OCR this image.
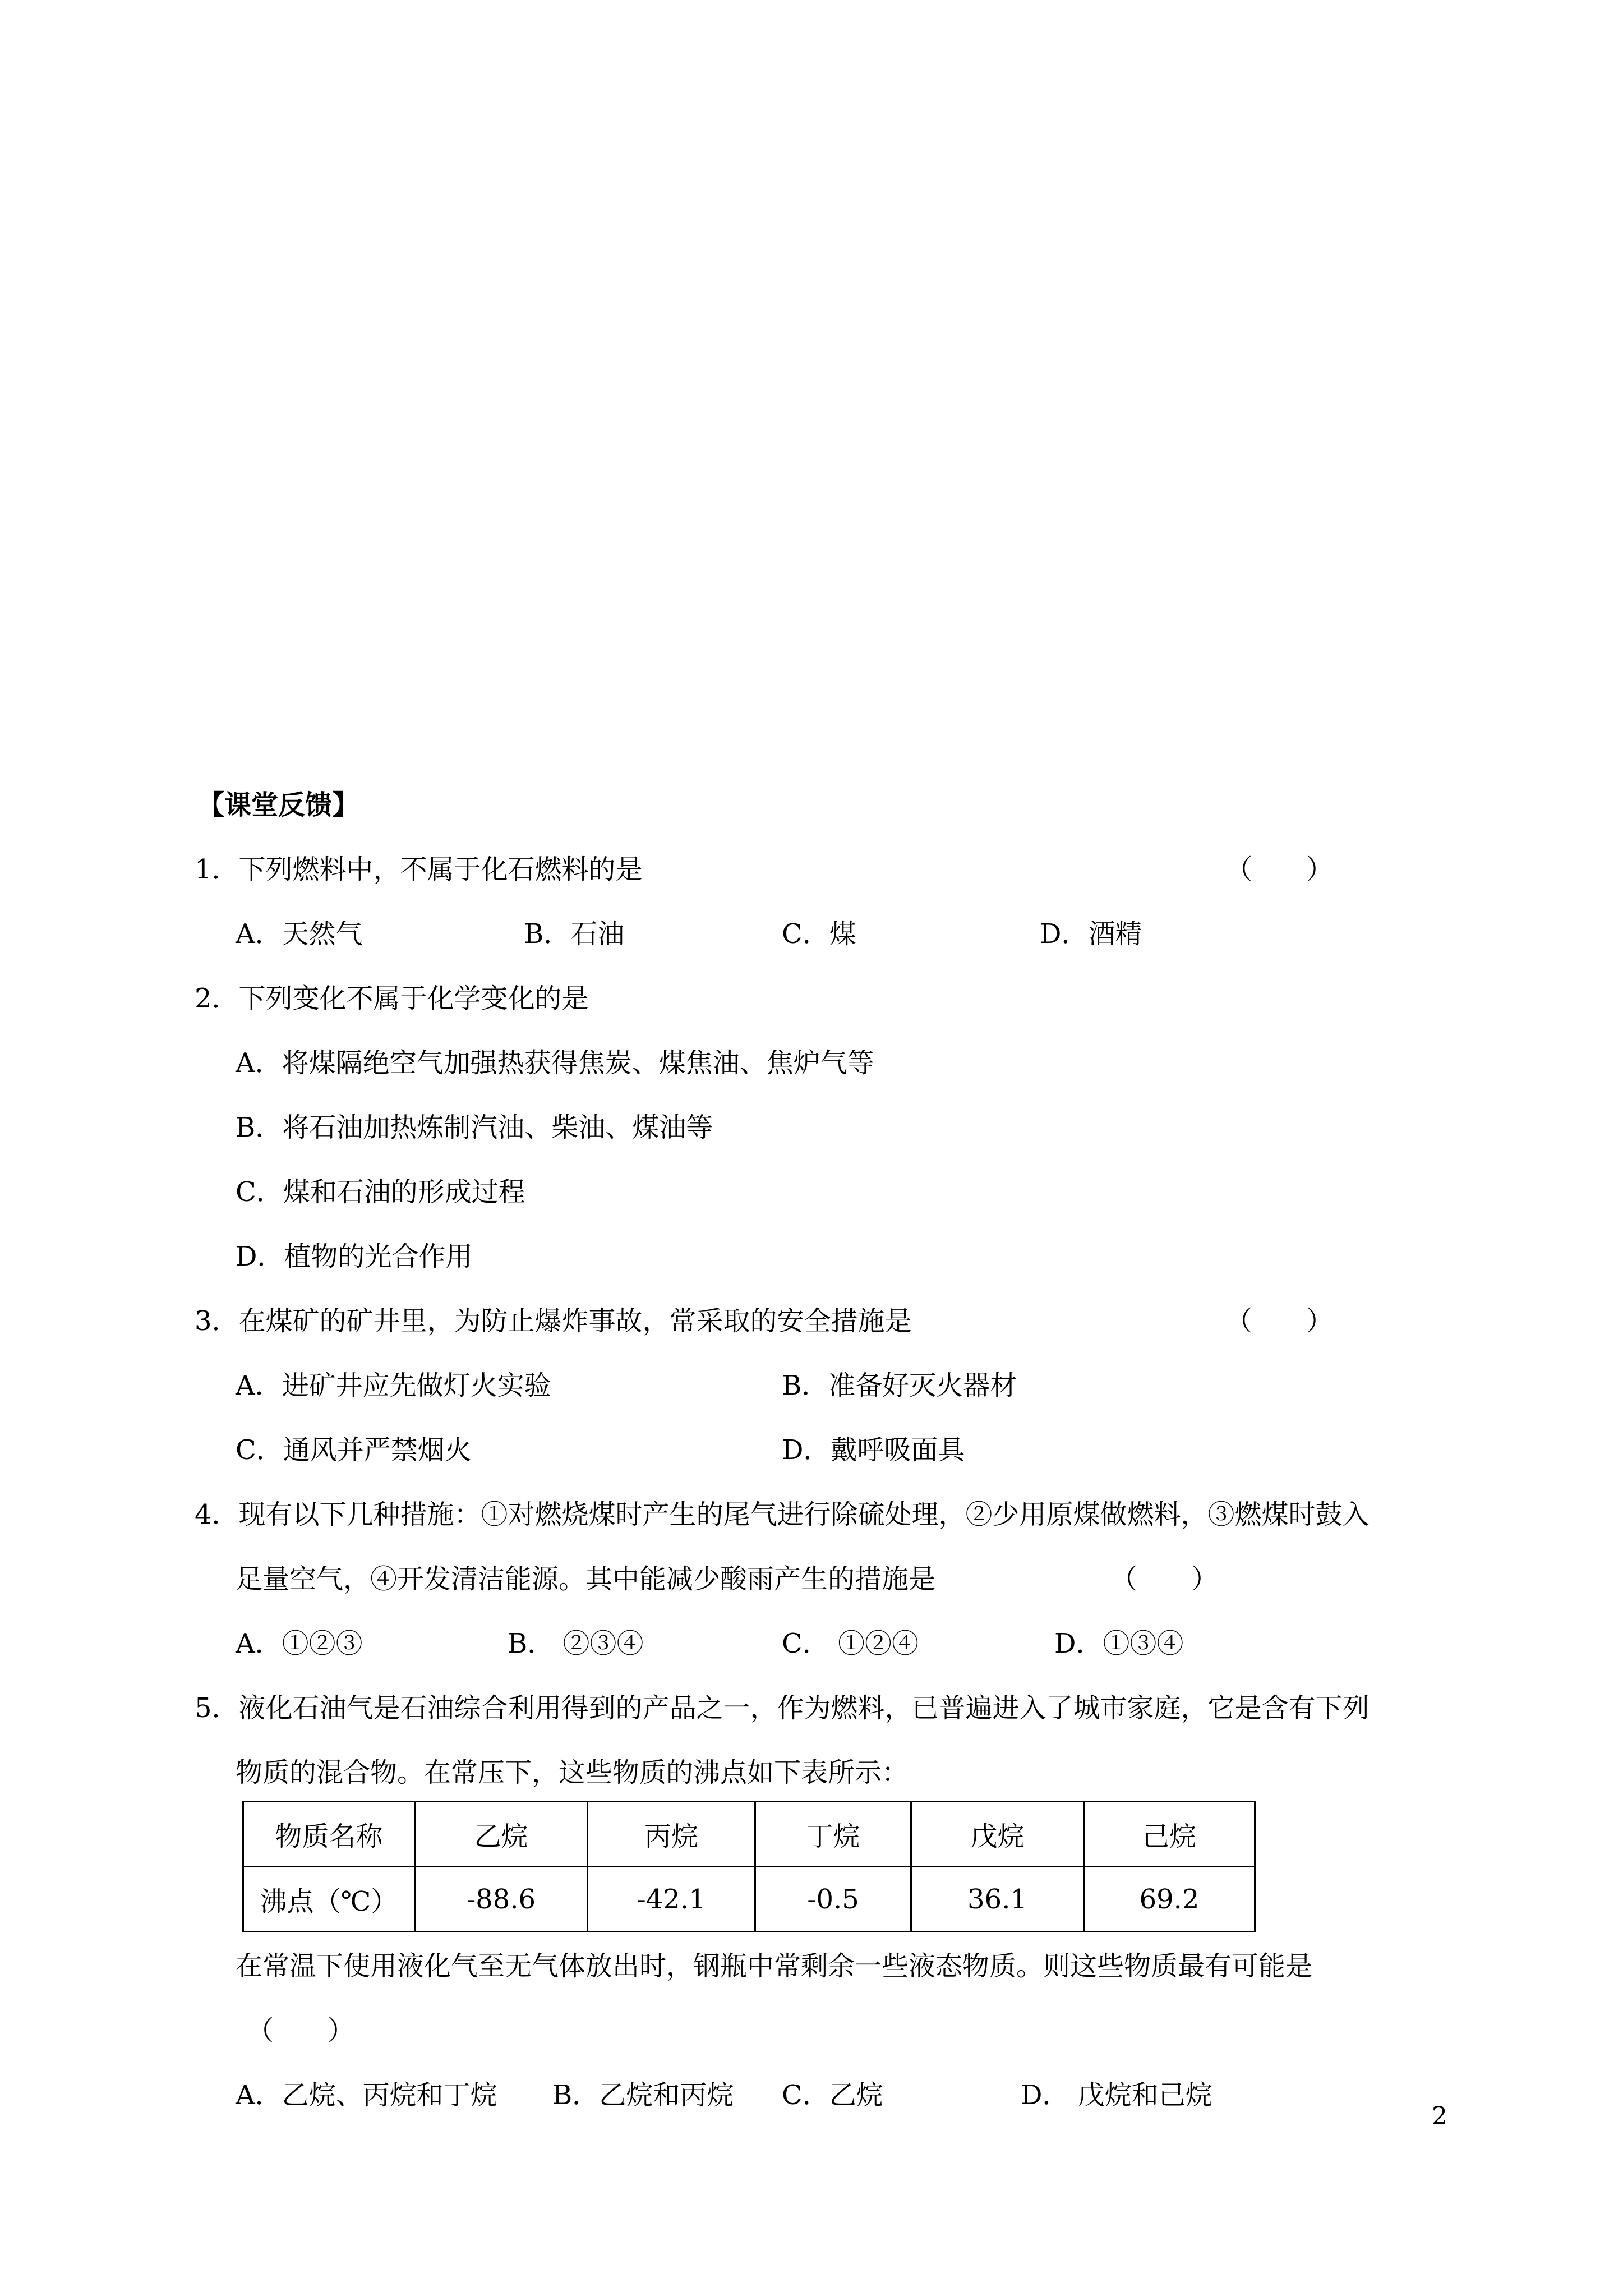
【课堂反馈】
1．下列燃料中，不属于化石燃料的是	（　　）
A．天然气	B．石油	C．煤	D．酒精
2．下列变化不属于化学变化的是
A．将煤隔绝空气加强热获得焦炭、煤焦油、焦炉气等
B．将石油加热炼制汽油、柴油、煤油等
C．煤和石油的形成过程
D．植物的光合作用
3．在煤矿的矿井里，为防止爆炸事故，常采取的安全措施是	（　　）
A．进矿井应先做灯火实验	B．准备好灭火器材
C．通风并严禁烟火	D．戴呼吸面具
4．现有以下几种措施：①对燃烧煤时产生的尾气进行除硫处理，②少用原煤做燃料，③燃煤时鼓入
足量空气，④开发清洁能源。其中能减少酸雨产生的措施是	（　　）
A．①②③	B． ②③④	C． ①②④	D．①③④
5．液化石油气是石油综合利用得到的产品之一，作为燃料，已普遍进入了城市家庭，它是含有下列
物质的混合物。在常压下，这些物质的沸点如下表所示：
物质名称	乙烷	丙烷	丁烷	戊烷	己烷
沸点（℃）	-88.6	-42.1	-0.5	36.1	69.2
在常温下使用液化气至无气体放出时，钢瓶中常剩余一些液态物质。则这些物质最有可能是
（　　）
A．乙烷、丙烷和丁烷 B．乙烷和丙烷 C．乙烷	D． 戊烷和己烷
2
